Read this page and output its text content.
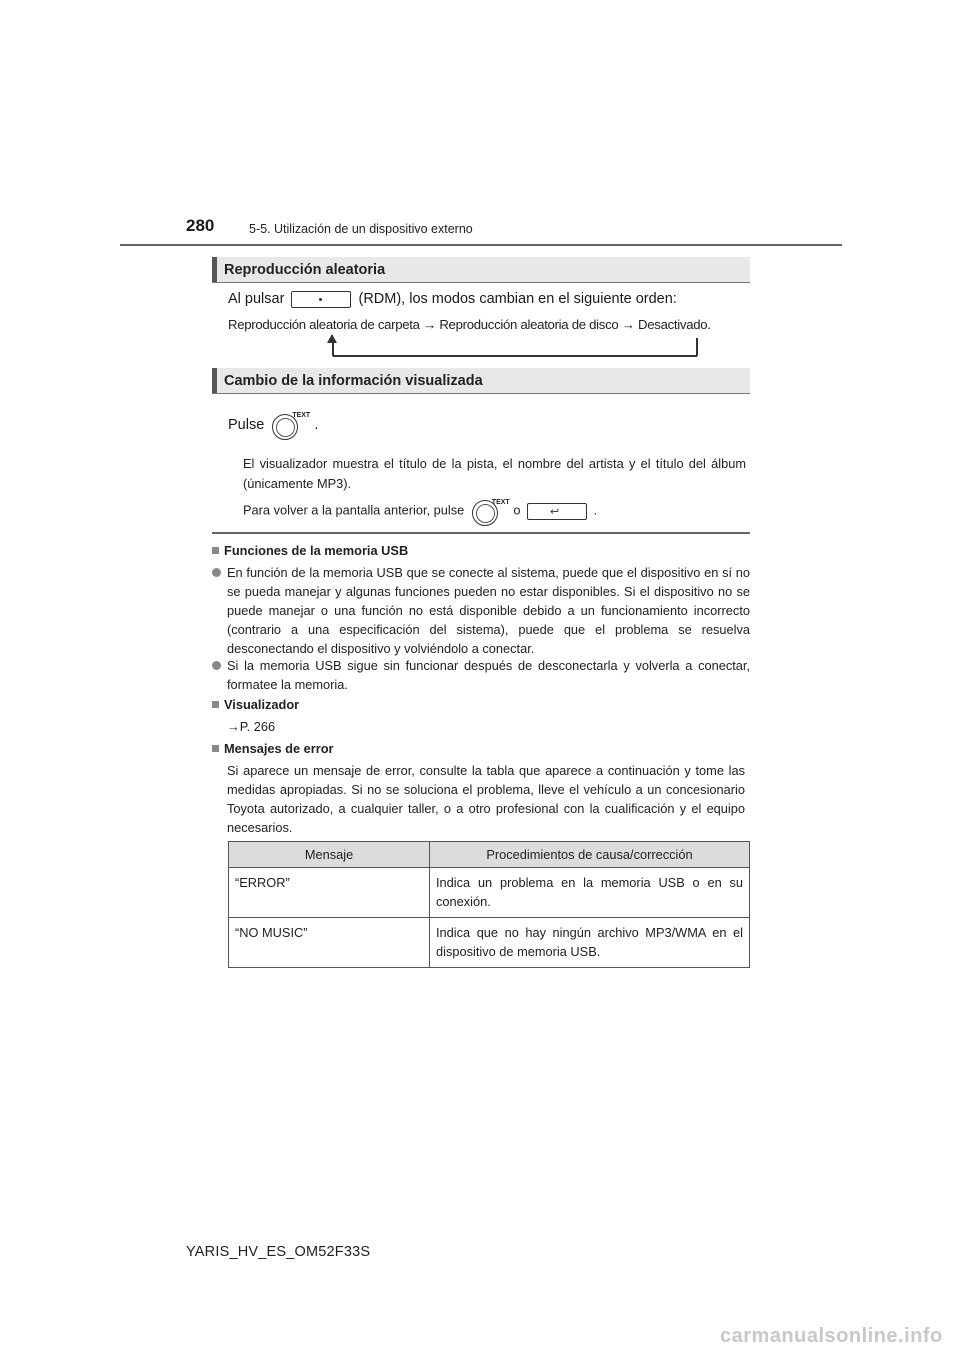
280	5-5. Utilización de un dispositivo externo
Reproducción aleatoria
Al pulsar	(RDM), los modos cambian en el siguiente orden:
Reproducción aleatoria de carpeta → Reproducción aleatoria de disco → Desactivado.
Cambio de la información visualizada
Pulse
TEXT
.
El visualizador muestra el título de la pista, el nombre del artista y el título del álbum (únicamente MP3).
Para volver a la pantalla anterior, pulse	TEXT o	↩	.
Funciones de la memoria USB
En función de la memoria USB que se conecte al sistema, puede que el dispositivo en sí no se pueda manejar y algunas funciones pueden no estar disponibles. Si el dispositivo no se puede manejar o una función no está disponible debido a un funcionamiento incorrecto (contrario a una especificación del sistema), puede que el problema se resuelva desconectando el dispositivo y volviéndolo a conectar.
Si la memoria USB sigue sin funcionar después de desconectarla y volverla a conectar, formatee la memoria.
Visualizador
→P. 266
Mensajes de error
Si aparece un mensaje de error, consulte la tabla que aparece a continuación y tome las medidas apropiadas. Si no se soluciona el problema, lleve el vehículo a un concesionario Toyota autorizado, a cualquier taller, o a otro profesional con la cualificación y el equipo necesarios.
Mensaje	Procedimientos de causa/corrección
“ERROR”	Indica un problema en la memoria USB o en su conexión.
“NO MUSIC”	Indica que no hay ningún archivo MP3/WMA en el dispositivo de memoria USB.
YARIS_HV_ES_OM52F33S
carmanualsonline.info
